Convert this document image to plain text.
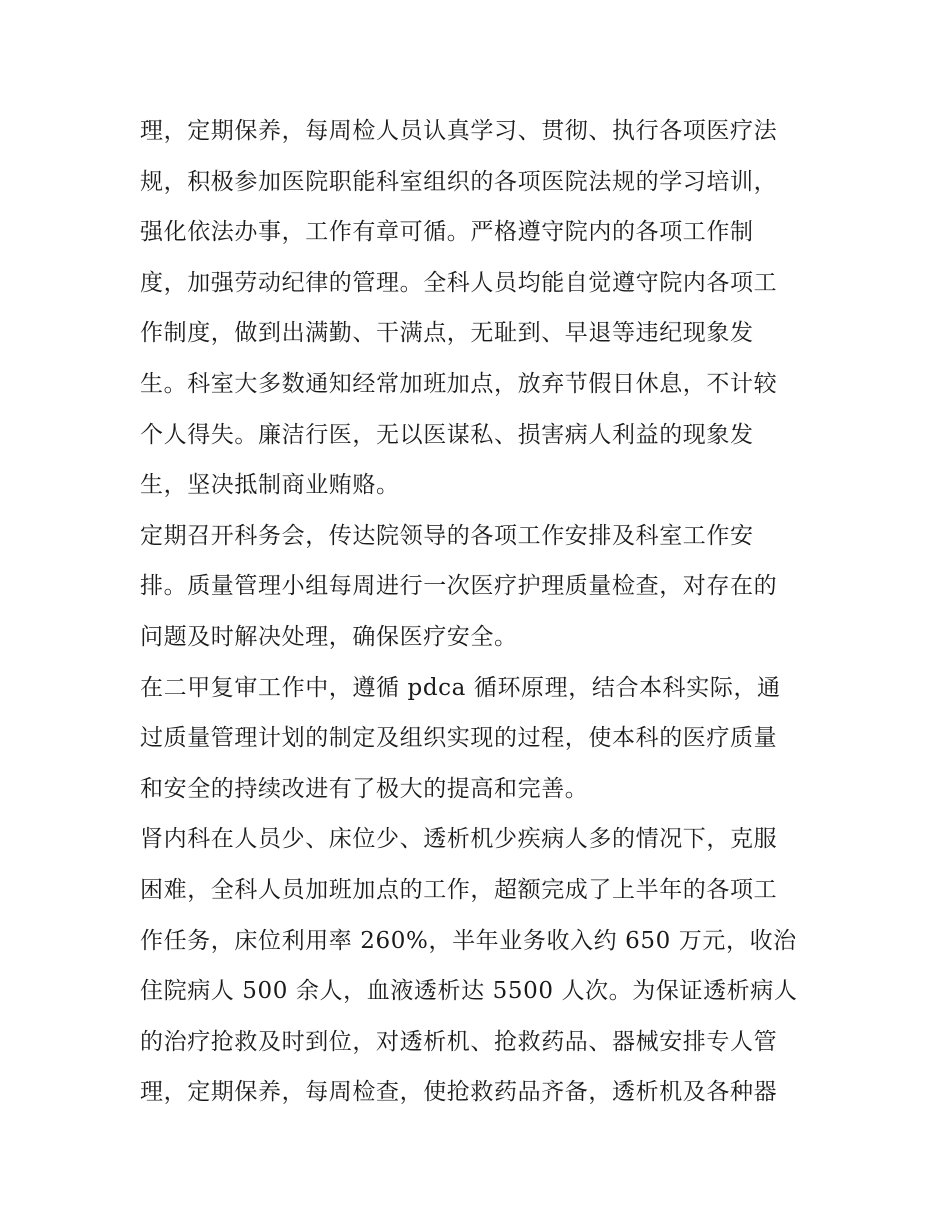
理，定期保养，每周检人员认真学习、贯彻、执行各项医疗法
规，积极参加医院职能科室组织的各项医院法规的学习培训，
强化依法办事，工作有章可循。严格遵守院内的各项工作制
度，加强劳动纪律的管理。全科人员均能自觉遵守院内各项工
作制度，做到出满勤、干满点，无耻到、早退等违纪现象发
生。科室大多数通知经常加班加点，放弃节假日休息，不计较
个人得失。廉洁行医，无以医谋私、损害病人利益的现象发
生，坚决抵制商业贿赂。
定期召开科务会，传达院领导的各项工作安排及科室工作安
排。质量管理小组每周进行一次医疗护理质量检查，对存在的
问题及时解决处理，确保医疗安全。
在二甲复审工作中，遵循 pdca 循环原理，结合本科实际，通
过质量管理计划的制定及组织实现的过程，使本科的医疗质量
和安全的持续改进有了极大的提高和完善。
肾内科在人员少、床位少、透析机少疾病人多的情况下，克服
困难，全科人员加班加点的工作，超额完成了上半年的各项工
作任务，床位利用率 260%，半年业务收入约 650 万元，收治
住院病人 500 余人，血液透析达 5500 人次。为保证透析病人
的治疗抢救及时到位，对透析机、抢救药品、器械安排专人管
理，定期保养，每周检查，使抢救药品齐备，透析机及各种器
